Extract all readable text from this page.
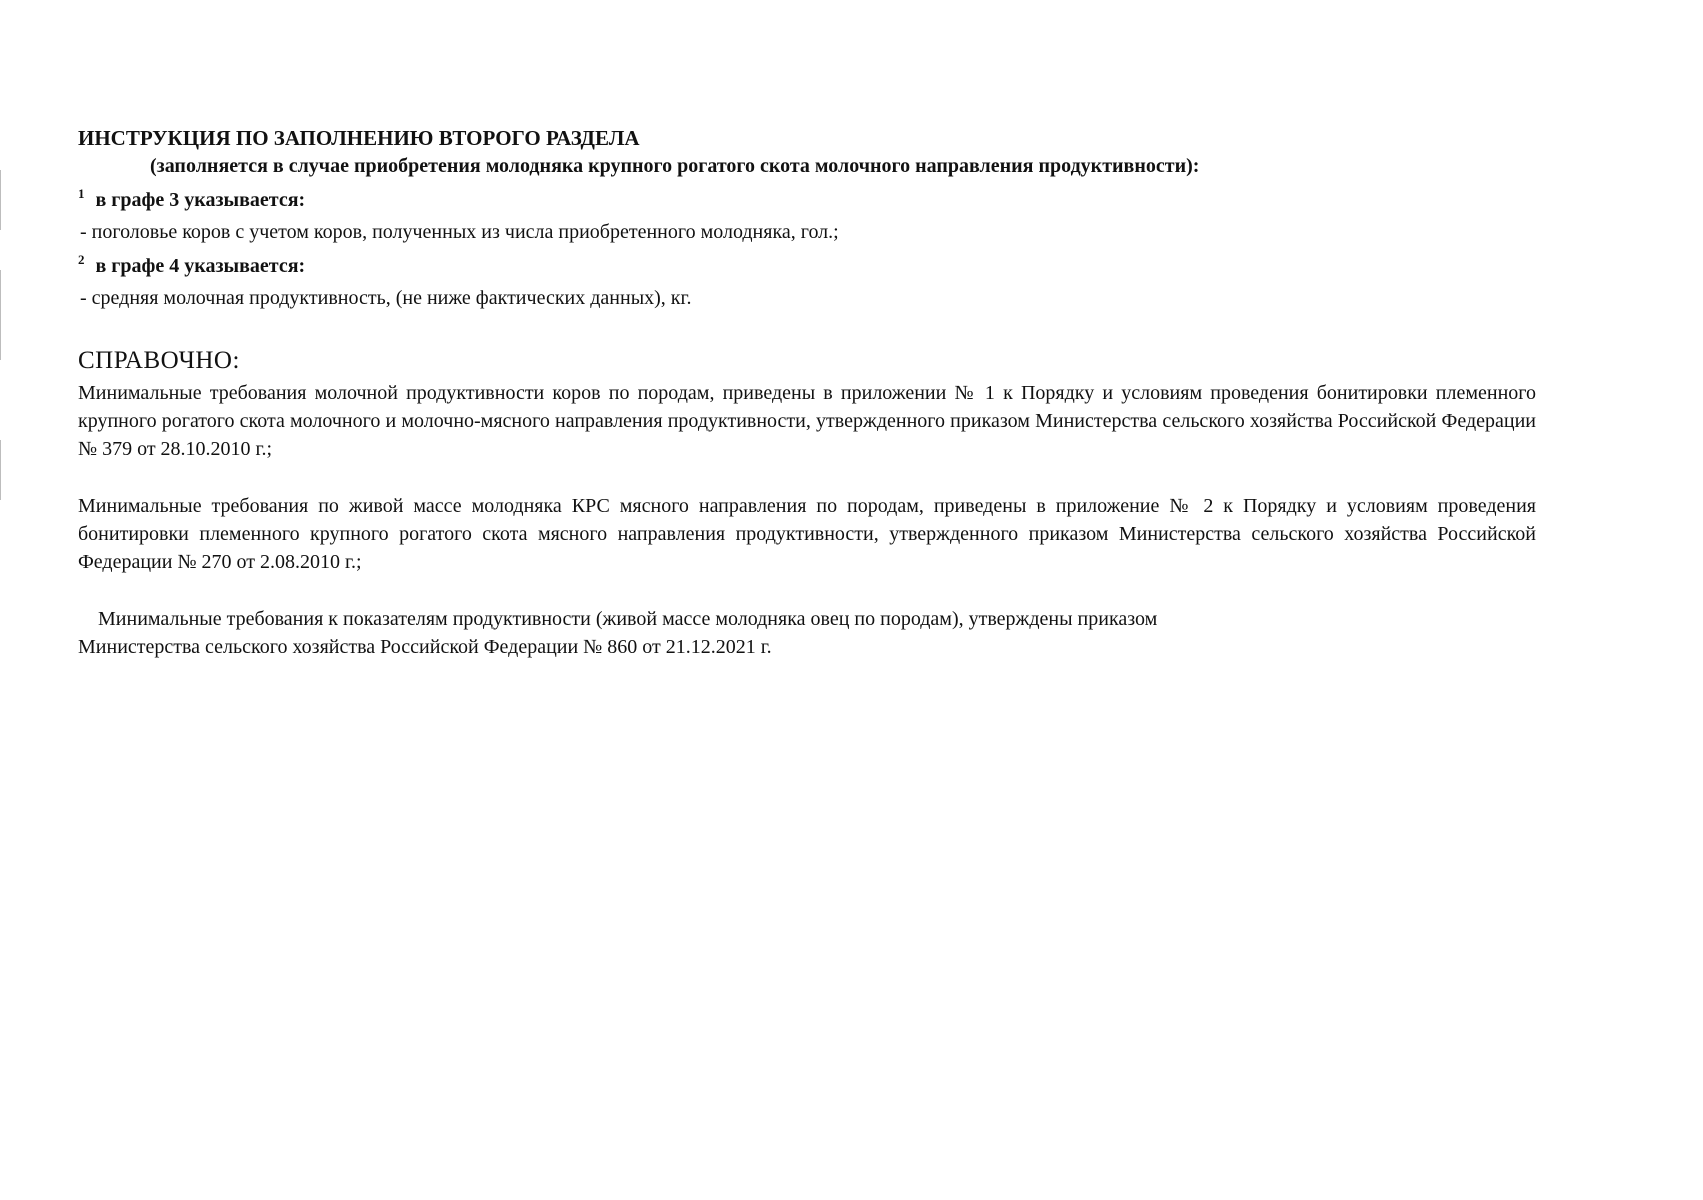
ИНСТРУКЦИЯ ПО ЗАПОЛНЕНИЮ ВТОРОГО РАЗДЕЛА

(заполняется в случае приобретения молодняка крупного рогатого скота молочного направления продуктивности):

$^1$ в графе 3 указывается:

- поголовье коров с учетом коров, полученных из числа приобретенного молодняка, гол.;

$^2$ в графе 4 указывается:

- средняя молочная продуктивность, (не ниже фактических данных), кг.

СПРАВОЧНО:

Минимальные требования молочной продуктивности коров по породам, приведены в приложении № 1 к Порядку и условиям проведения бонитировки племенного крупного рогатого скота молочного и молочно-мясного направления продуктивности, утвержденного приказом Министерства сельского хозяйства Российской Федерации № 379 от 28.10.2010 г.;

Минимальные требования по живой массе молодняка КРС мясного направления по породам, приведены в приложение № 2 к Порядку и условиям проведения бонитировки племенного крупного рогатого скота мясного направления продуктивности, утвержденного приказом Министерства сельского хозяйства Российской Федерации № 270 от 2.08.2010 г.;

Минимальные требования к показателям продуктивности (живой массе молодняка овец по породам), утверждены приказом
Министерства сельского хозяйства Российской Федерации № 860 от 21.12.2021 г.
